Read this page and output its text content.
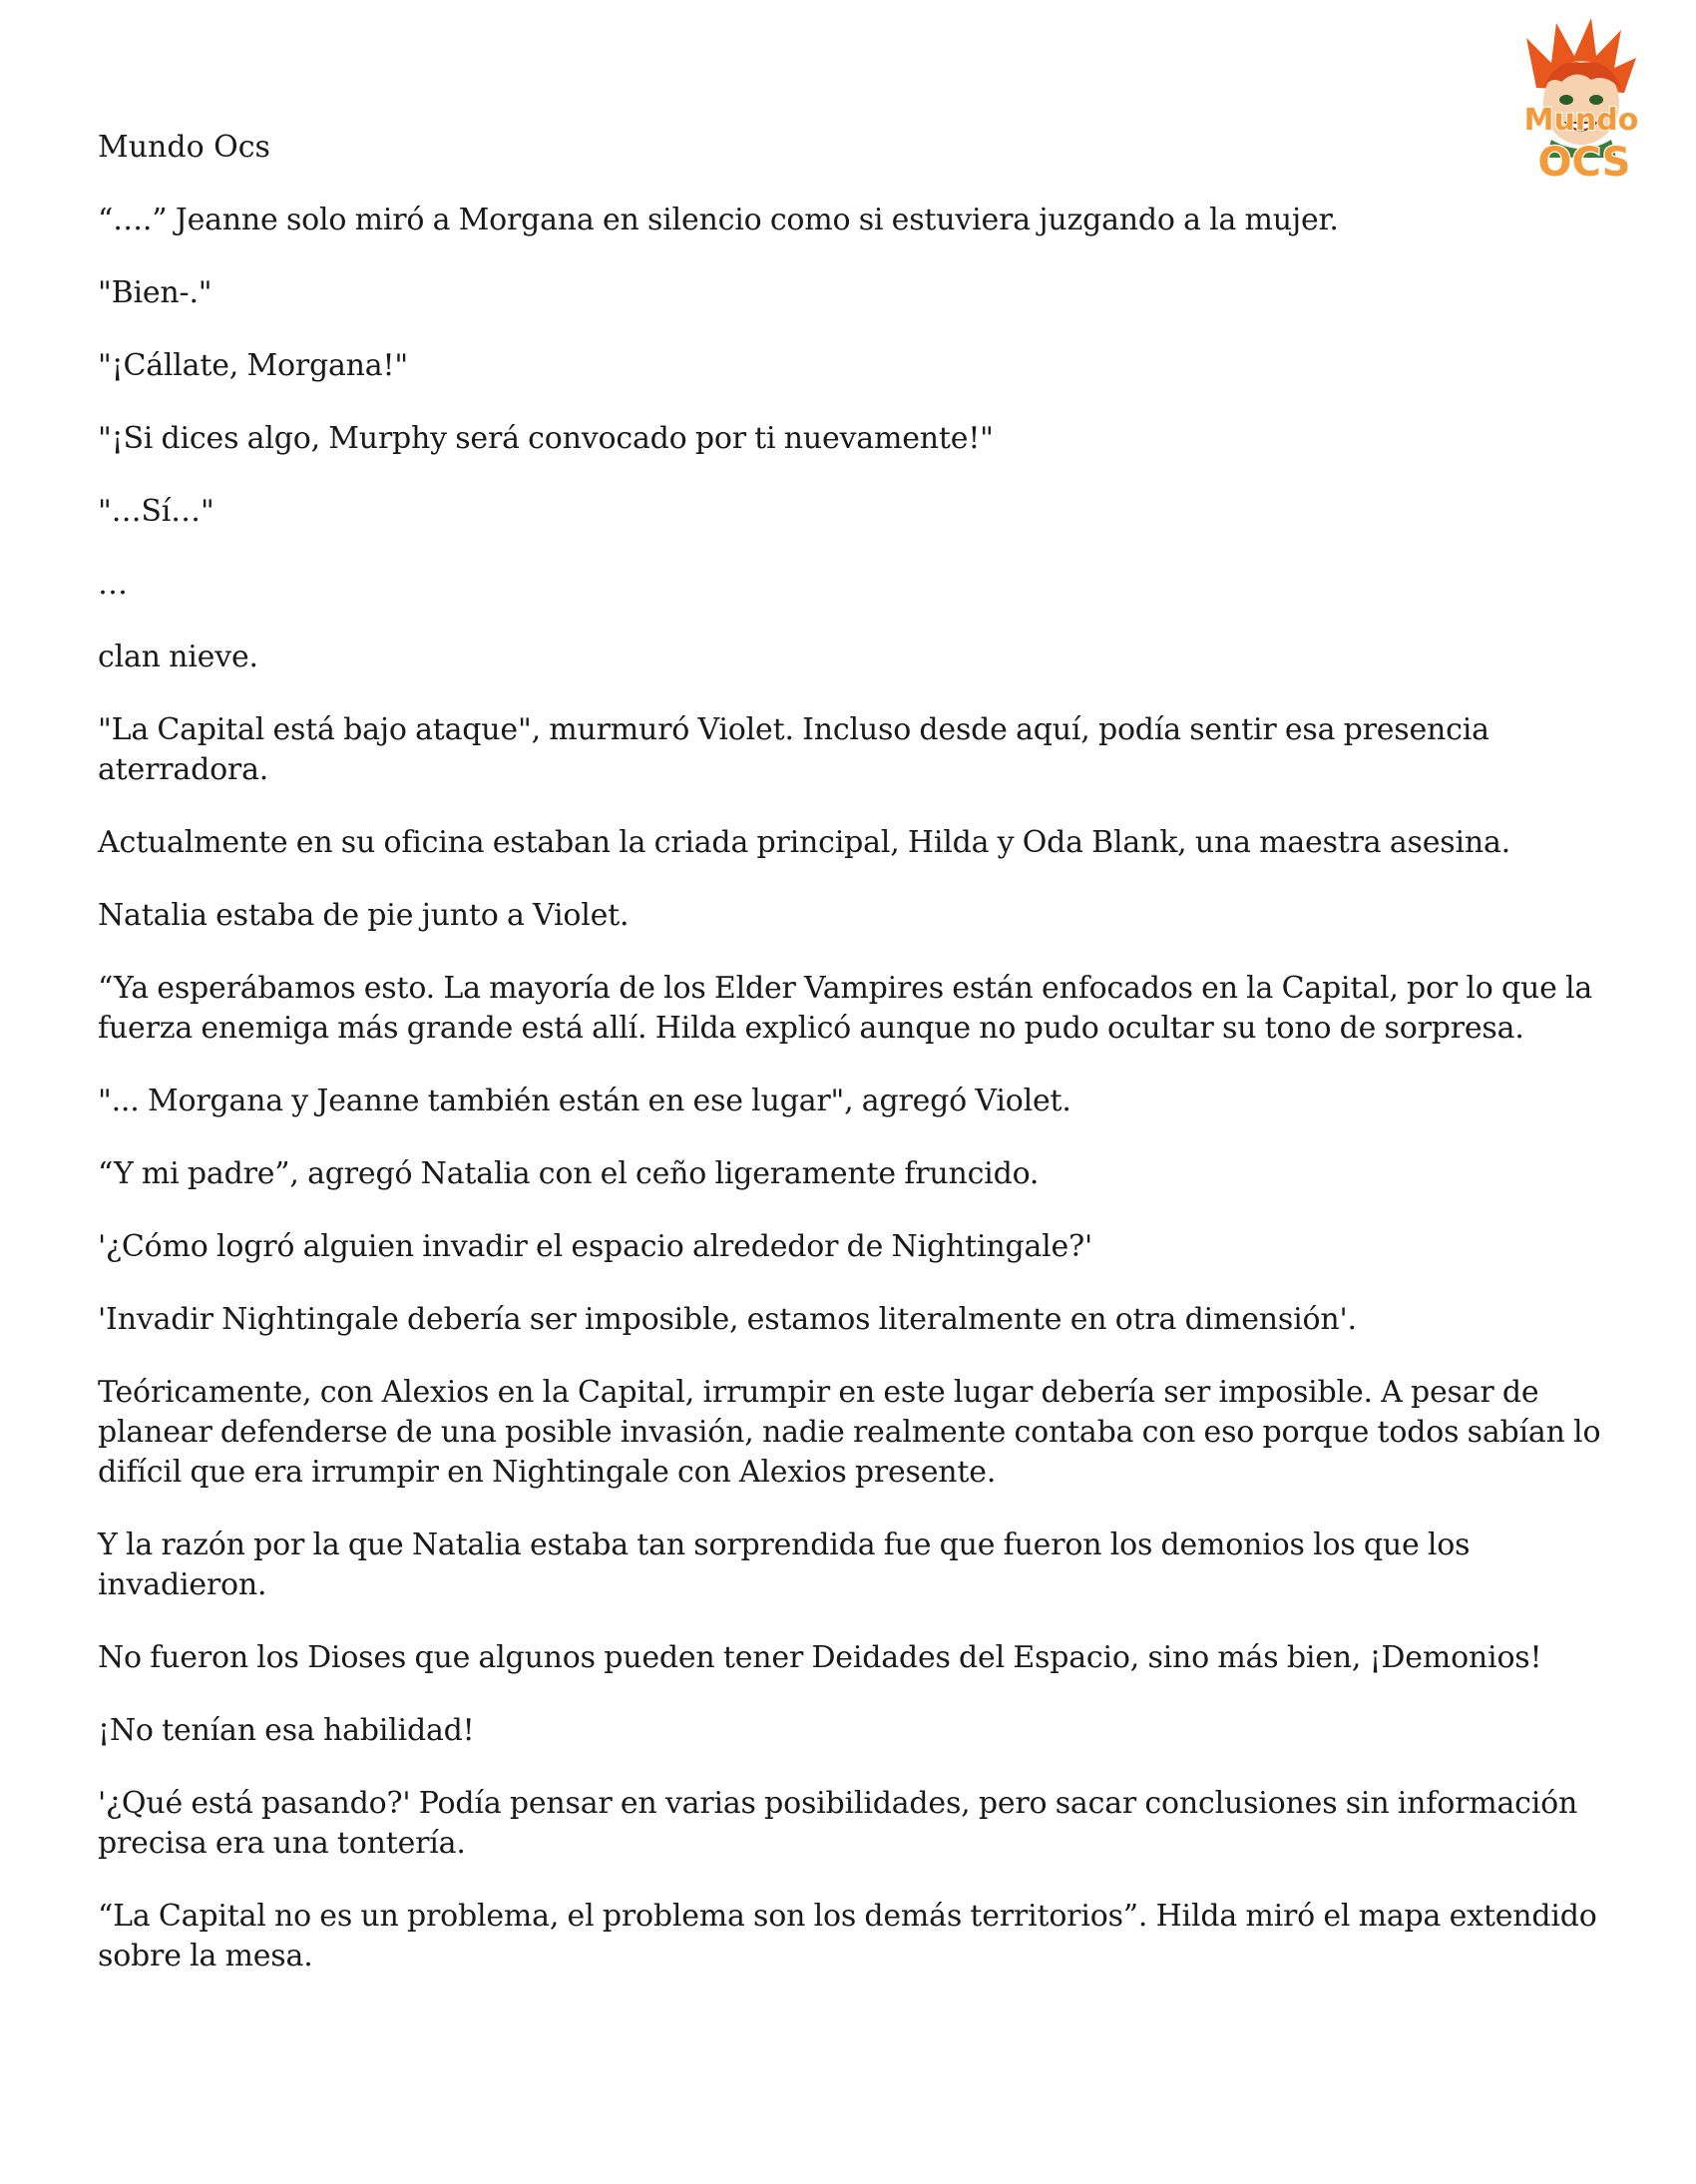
Mundo
OCS
Mundo Ocs

“….” Jeanne solo miró a Morgana en silencio como si estuviera juzgando a la mujer.

"Bien-."

"¡Cállate, Morgana!"

"¡Si dices algo, Murphy será convocado por ti nuevamente!"

"…Sí…"

…

clan nieve.

"La Capital está bajo ataque", murmuró Violet. Incluso desde aquí, podía sentir esa presencia aterradora.

Actualmente en su oficina estaban la criada principal, Hilda y Oda Blank, una maestra asesina.

Natalia estaba de pie junto a Violet.

“Ya esperábamos esto. La mayoría de los Elder Vampires están enfocados en la Capital, por lo que la fuerza enemiga más grande está allí. Hilda explicó aunque no pudo ocultar su tono de sorpresa.

"... Morgana y Jeanne también están en ese lugar", agregó Violet.

“Y mi padre”, agregó Natalia con el ceño ligeramente fruncido.

'¿Cómo logró alguien invadir el espacio alrededor de Nightingale?'

'Invadir Nightingale debería ser imposible, estamos literalmente en otra dimensión'.

Teóricamente, con Alexios en la Capital, irrumpir en este lugar debería ser imposible. A pesar de planear defenderse de una posible invasión, nadie realmente contaba con eso porque todos sabían lo difícil que era irrumpir en Nightingale con Alexios presente.

Y la razón por la que Natalia estaba tan sorprendida fue que fueron los demonios los que los invadieron.

No fueron los Dioses que algunos pueden tener Deidades del Espacio, sino más bien, ¡Demonios!

¡No tenían esa habilidad!

'¿Qué está pasando?' Podía pensar en varias posibilidades, pero sacar conclusiones sin información precisa era una tontería.

“La Capital no es un problema, el problema son los demás territorios”. Hilda miró el mapa extendido sobre la mesa.
